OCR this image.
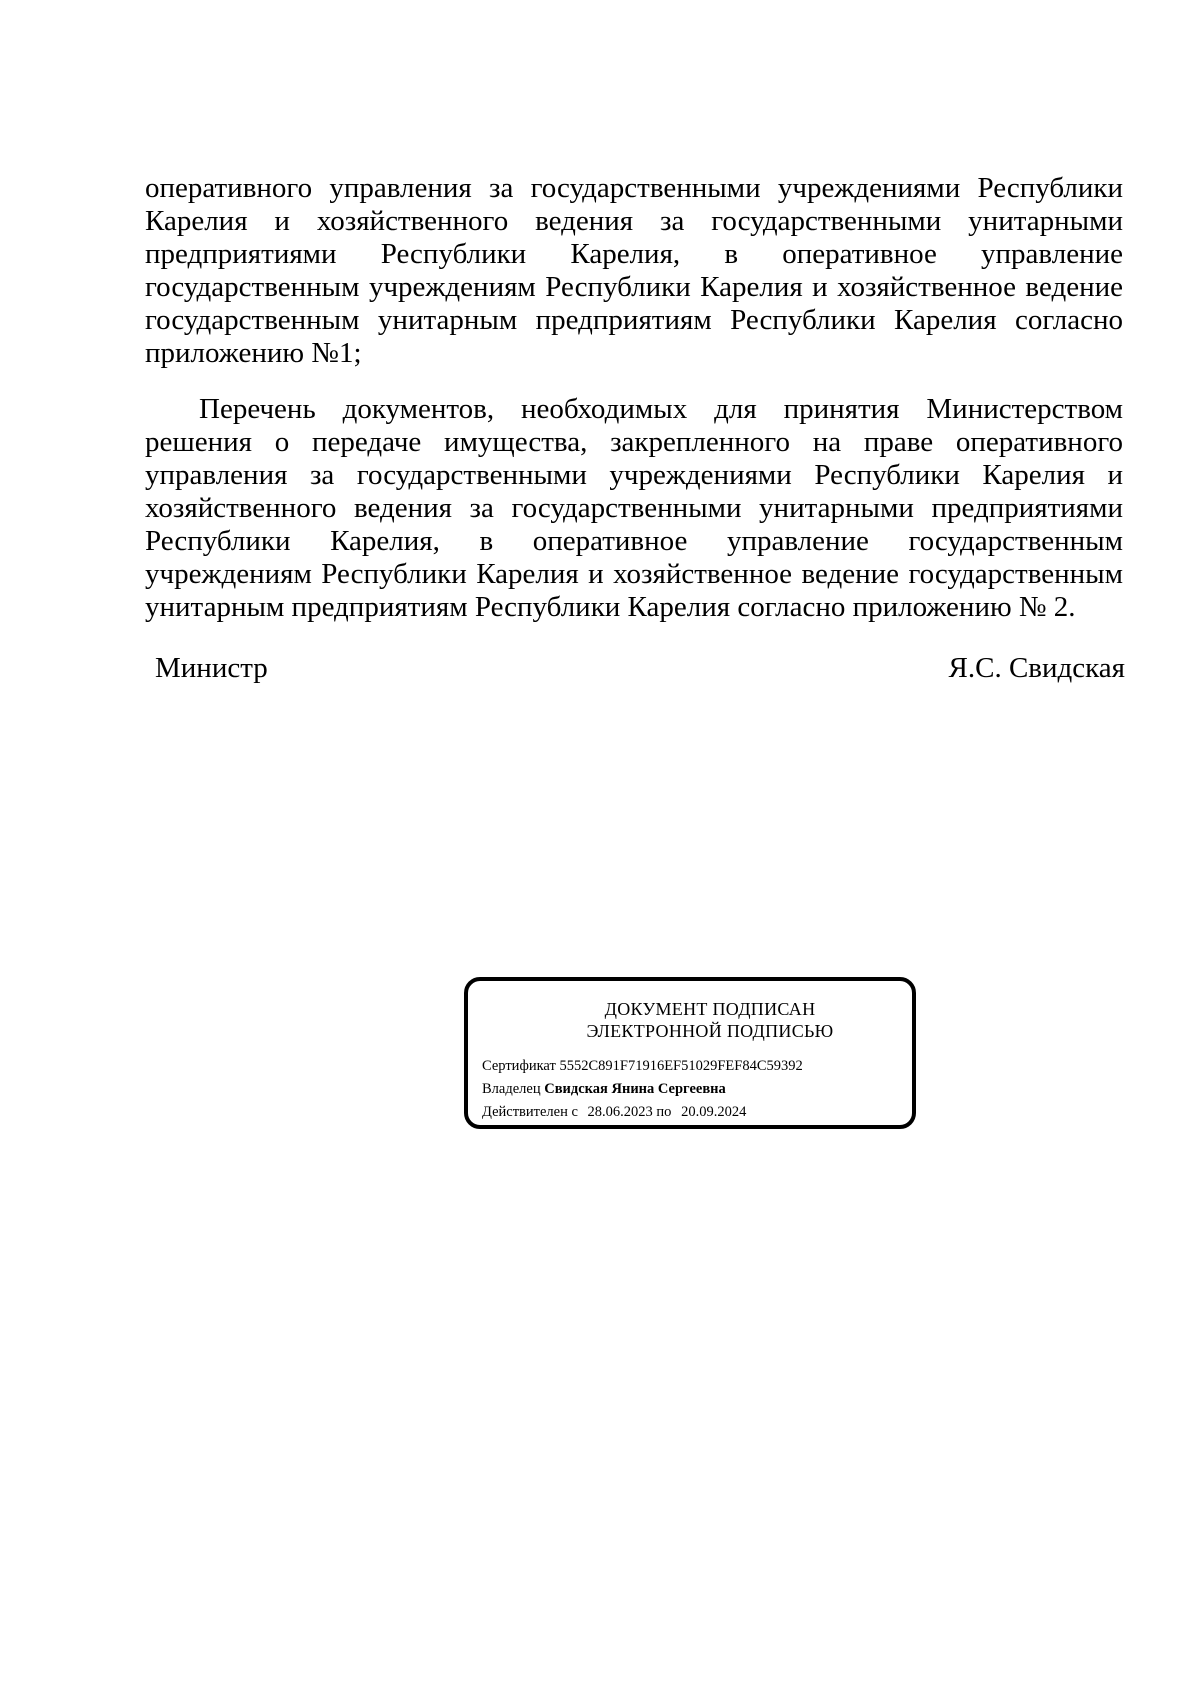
оперативного управления за государственными учреждениями Республики Карелия и хозяйственного ведения за государственными унитарными предприятиями Республики Карелия, в оперативное управление государственным учреждениям Республики Карелия и хозяйственное ведение государственным унитарным предприятиям Республики Карелия согласно приложению №1;

Перечень документов, необходимых для принятия Министерством решения о передаче имущества, закрепленного на праве оперативного управления за государственными учреждениями Республики Карелия и хозяйственного ведения за государственными унитарными предприятиями Республики Карелия, в оперативное управление государственным учреждениям Республики Карелия и хозяйственное ведение государственным унитарным предприятиям Республики Карелия согласно приложению № 2.

Министр	Я.С. Свидская
ДОКУМЕНТ ПОДПИСАН
ЭЛЕКТРОННОЙ ПОДПИСЬЮ
Сертификат 5552C891F71916EF51029FEF84C59392
Владелец Свидская Янина Сергеевна
Действителен с 28.06.2023 по 20.09.2024
